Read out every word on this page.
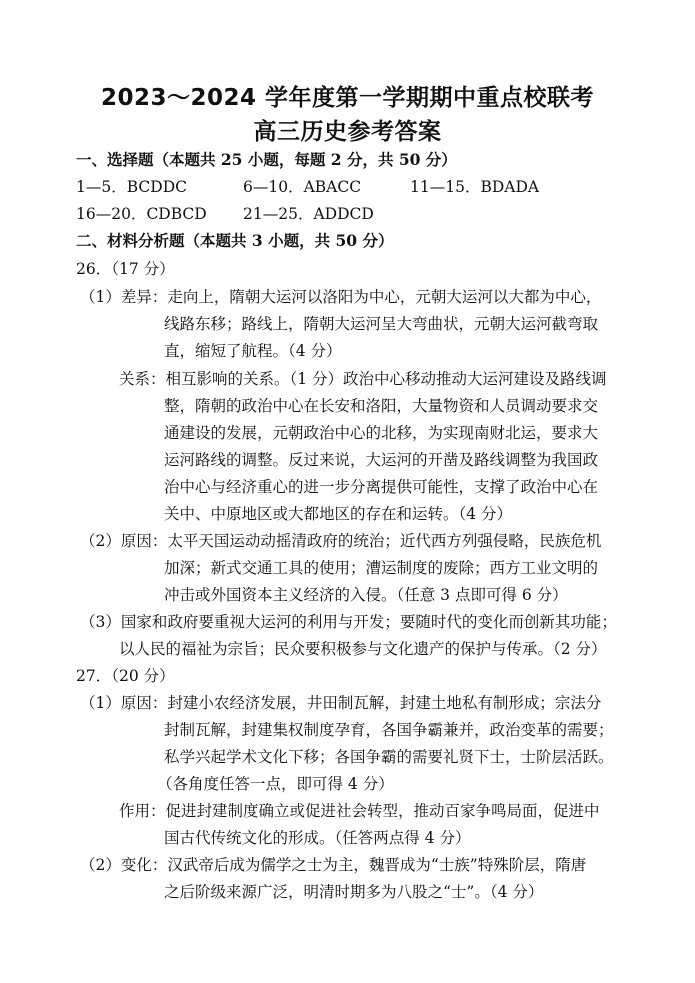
2023～2024 学年度第一学期期中重点校联考
高三历史参考答案
一、选择题（本题共 25 小题，每题 2 分，共 50 分）
1—5．BCDDC	6—10．ABACC	11—15．BDADA
16—20．CDBCD 21—25．ADDCD
二、材料分析题（本题共 3 小题，共 50 分）
26．（17 分）
（1）差异：走向上，隋朝大运河以洛阳为中心，元朝大运河以大都为中心，
线路东移；路线上，隋朝大运河呈大弯曲状，元朝大运河截弯取
直，缩短了航程。（4 分）
关系：相互影响的关系。（1 分）政治中心移动推动大运河建设及路线调
整，隋朝的政治中心在长安和洛阳，大量物资和人员调动要求交
通建设的发展，元朝政治中心的北移，为实现南财北运，要求大
运河路线的调整。反过来说，大运河的开凿及路线调整为我国政
治中心与经济重心的进一步分离提供可能性，支撑了政治中心在
关中、中原地区或大都地区的存在和运转。（4 分）
（2）原因：太平天国运动动摇清政府的统治；近代西方列强侵略，民族危机
加深；新式交通工具的使用；漕运制度的废除；西方工业文明的
冲击或外国资本主义经济的入侵。（任意 3 点即可得 6 分）
（3）国家和政府要重视大运河的利用与开发；要随时代的变化而创新其功能；
以人民的福祉为宗旨；民众要积极参与文化遗产的保护与传承。（2 分）
27．（20 分）
（1）原因：封建小农经济发展，井田制瓦解，封建土地私有制形成；宗法分
封制瓦解，封建集权制度孕育，各国争霸兼并，政治变革的需要；
私学兴起学术文化下移；各国争霸的需要礼贤下士，士阶层活跃。
（各角度任答一点，即可得 4 分）
作用：促进封建制度确立或促进社会转型，推动百家争鸣局面，促进中
国古代传统文化的形成。（任答两点得 4 分）
（2）变化：汉武帝后成为儒学之士为主，魏晋成为“士族”特殊阶层，隋唐
之后阶级来源广泛，明清时期多为八股之“士”。（4 分）
